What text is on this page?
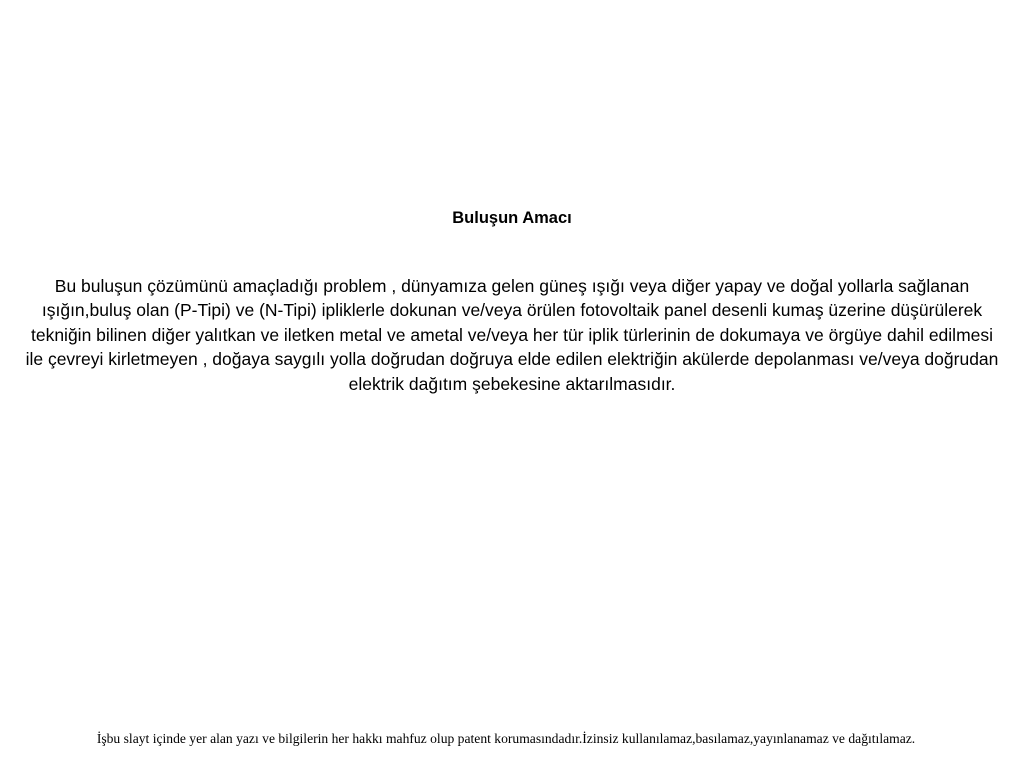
Buluşun Amacı

Bu buluşun çözümünü amaçladığı problem , dünyamıza gelen güneş ışığı veya diğer yapay ve doğal yollarla sağlanan ışığın,buluş olan (P-Tipi) ve (N-Tipi) ipliklerle dokunan ve/veya örülen fotovoltaik panel desenli kumaş üzerine düşürülerek tekniğin bilinen diğer yalıtkan ve iletken metal ve ametal ve/veya her tür iplik türlerinin de dokumaya ve örgüye dahil edilmesi ile çevreyi kirletmeyen , doğaya saygılı yolla doğrudan doğruya elde edilen elektriğin akülerde depolanması ve/veya doğrudan elektrik dağıtım şebekesine aktarılmasıdır.

İşbu slayt içinde yer alan yazı ve bilgilerin her hakkı mahfuz olup patent korumasındadır.İzinsiz kullanılamaz,basılamaz,yayınlanamaz ve dağıtılamaz.
